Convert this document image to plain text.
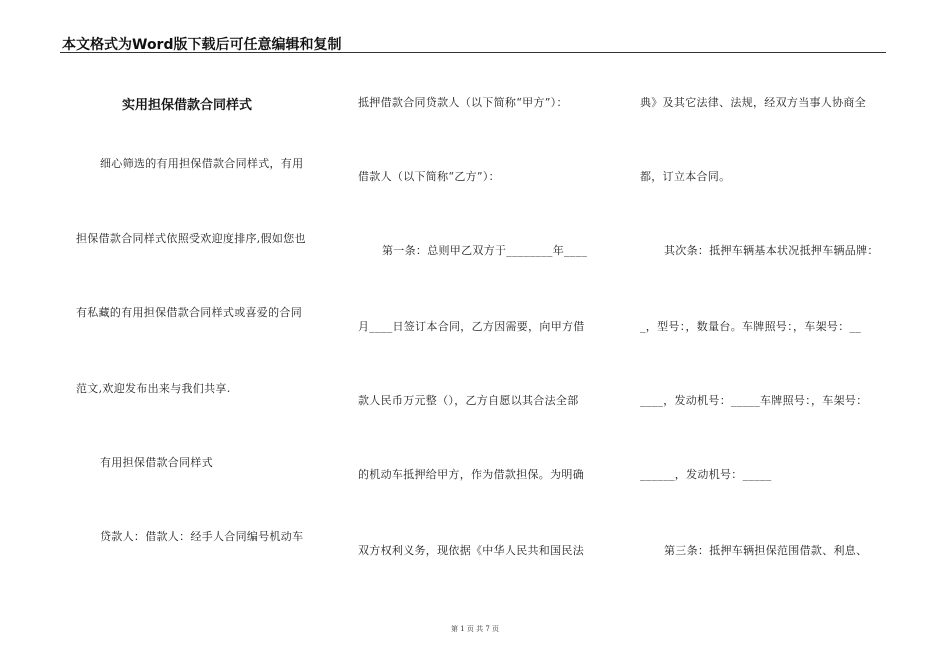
本文格式为Word版下载后可任意编辑和复制
实用担保借款合同样式
细心筛选的有用担保借款合同样式，有用
担保借款合同样式依照受欢迎度排序,假如您也
有私藏的有用担保借款合同样式或喜爱的合同
范文,欢迎发布出来与我们共享.
有用担保借款合同样式
贷款人：借款人：经手人合同编号机动车
抵押借款合同贷款人（以下简称“甲方”）：
借款人（以下简称“乙方”）：
第一条：总则甲乙双方于________年____
月____日签订本合同，乙方因需要，向甲方借
款人民币万元整（），乙方自愿以其合法全部
的机动车抵押给甲方，作为借款担保。为明确
双方权利义务，现依据《中华人民共和国民法
典》及其它法律、法规，经双方当事人协商全
都，订立本合同。
其次条：抵押车辆基本状况抵押车辆品牌：
_，型号：，数量台。车牌照号：，车架号：__
____，发动机号：_____车牌照号：，车架号：
______，发动机号：_____
第三条：抵押车辆担保范围借款、利息、
第 1 页 共 7 页
